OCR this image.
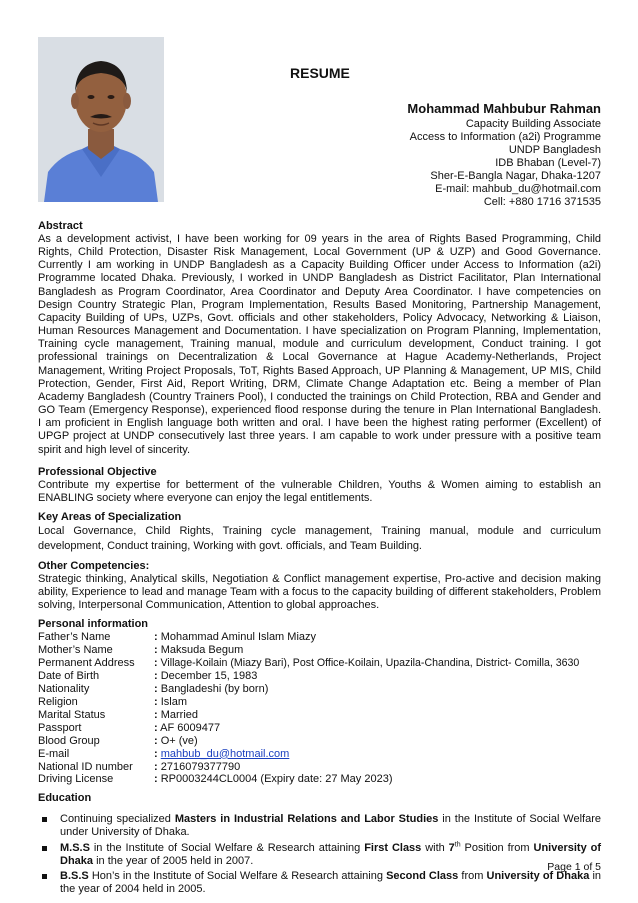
RESUME
Mohammad Mahbubur Rahman
Capacity Building Associate
Access to Information (a2i) Programme
UNDP Bangladesh
IDB Bhaban (Level-7)
Sher-E-Bangla Nagar, Dhaka-1207
E-mail: mahbub_du@hotmail.com
Cell: +880 1716 371535
Abstract

As a development activist, I have been working for 09 years in the area of Rights Based Programming, Child Rights, Child Protection, Disaster Risk Management, Local Government (UP & UZP) and Good Governance. Currently I am working in UNDP Bangladesh as a Capacity Building Officer under Access to Information (a2i) Programme located Dhaka. Previously, I worked in UNDP Bangladesh as District Facilitator, Plan International Bangladesh as Program Coordinator, Area Coordinator and Deputy Area Coordinator. I have competencies on Design Country Strategic Plan, Program Implementation, Results Based Monitoring, Partnership Management, Capacity Building of UPs, UZPs, Govt. officials and other stakeholders, Policy Advocacy, Networking & Liaison, Human Resources Management and Documentation. I have specialization on Program Planning, Implementation, Training cycle management, Training manual, module and curriculum development, Conduct training. I got professional trainings on Decentralization & Local Governance at Hague Academy-Netherlands, Project Management, Writing Project Proposals, ToT, Rights Based Approach, UP Planning & Management, UP MIS, Child Protection, Gender, First Aid, Report Writing, DRM, Climate Change Adaptation etc. Being a member of Plan Academy Bangladesh (Country Trainers Pool), I conducted the trainings on Child Protection, RBA and Gender and GO Team (Emergency Response), experienced flood response during the tenure in Plan International Bangladesh. I am proficient in English language both written and oral. I have been the highest rating performer (Excellent) of UPGP project at UNDP consecutively last three years. I am capable to work under pressure with a positive team spirit and high level of sincerity.

Professional Objective

Contribute my expertise for betterment of the vulnerable Children, Youths & Women aiming to establish an ENABLING society where everyone can enjoy the legal entitlements.

Key Areas of Specialization

Local Governance, Child Rights, Training cycle management, Training manual, module and curriculum development, Conduct training, Working with govt. officials, and Team Building.

Other Competencies:

Strategic thinking, Analytical skills, Negotiation & Conflict management expertise, Pro-active and decision making ability, Experience to lead and manage Team with a focus to the capacity building of different stakeholders, Problem solving, Interpersonal Communication, Attention to global approaches.

Personal information
Father’s Name	: Mohammad Aminul Islam Miazy
Mother’s Name	: Maksuda Begum
Permanent Address	: Village-Koilain (Miazy Bari), Post Office-Koilain, Upazila-Chandina, District- Comilla, 3630
Date of Birth	: December 15, 1983
Nationality	: Bangladeshi (by born)
Religion	: Islam
Marital Status	: Married
Passport	: AF 6009477
Blood Group	: O+ (ve)
E-mail	: mahbub_du@hotmail.com
National ID number	: 2716079377790
Driving License	: RP0003244CL0004 (Expiry date: 27 May 2023)
Education
Continuing specialized Masters in Industrial Relations and Labor Studies in the Institute of Social Welfare under University of Dhaka.
M.S.S in the Institute of Social Welfare & Research attaining First Class with 7th Position from University of Dhaka in the year of 2005 held in 2007.
B.S.S Hon’s in the Institute of Social Welfare & Research attaining Second Class from University of Dhaka in the year of 2004 held in 2005.
Page 1 of 5
